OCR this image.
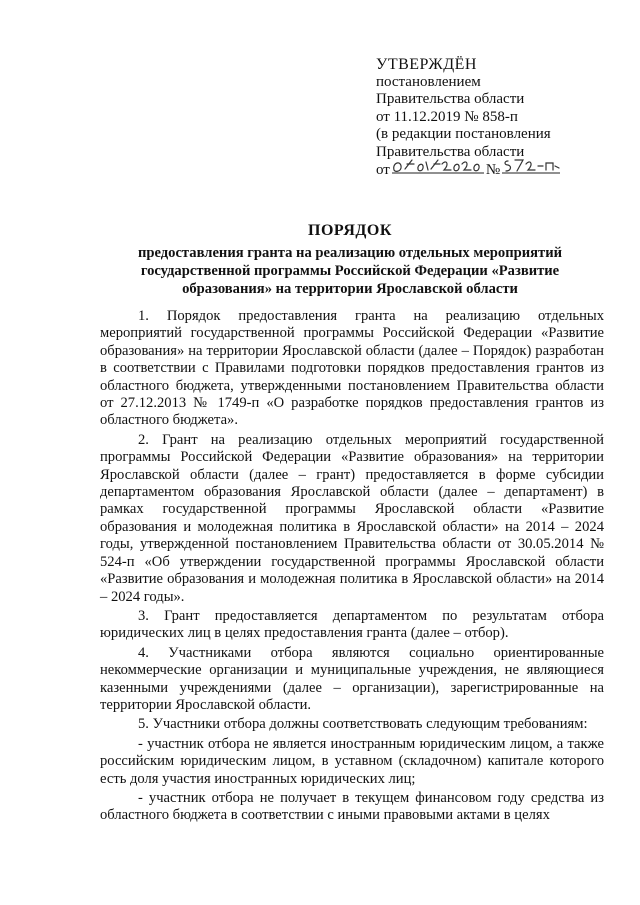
УТВЕРЖДЁН
постановлением
Правительства области
от 11.12.2019 № 858-п
(в редакции постановления
Правительства области
от	№
ПОРЯДОК
предоставления гранта на реализацию отдельных мероприятий государственной программы Российской Федерации «Развитие образования» на территории Ярославской области

1. Порядок предоставления гранта на реализацию отдельных мероприятий государственной программы Российской Федерации «Развитие образования» на территории Ярославской области (далее – Порядок) разработан в соответствии с Правилами подготовки порядков предоставления грантов из областного бюджета, утвержденными постановлением Правительства области от 27.12.2013 № 1749-п «О разработке порядков предоставления грантов из областного бюджета».

2. Грант на реализацию отдельных мероприятий государственной программы Российской Федерации «Развитие образования» на территории Ярославской области (далее – грант) предоставляется в форме субсидии департаментом образования Ярославской области (далее – департамент) в рамках государственной программы Ярославской области «Развитие образования и молодежная политика в Ярославской области» на 2014 – 2024 годы, утвержденной постановлением Правительства области от 30.05.2014 № 524-п «Об утверждении государственной программы Ярославской области «Развитие образования и молодежная политика в Ярославской области» на 2014 – 2024 годы».

3. Грант предоставляется департаментом по результатам отбора юридических лиц в целях предоставления гранта (далее – отбор).

4. Участниками отбора являются социально ориентированные некоммерческие организации и муниципальные учреждения, не являющиеся казенными учреждениями (далее – организации), зарегистрированные на территории Ярославской области.

5. Участники отбора должны соответствовать следующим требованиям:

- участник отбора не является иностранным юридическим лицом, а также российским юридическим лицом, в уставном (складочном) капитале которого есть доля участия иностранных юридических лиц;

- участник отбора не получает в текущем финансовом году средства из областного бюджета в соответствии с иными правовыми актами в целях
